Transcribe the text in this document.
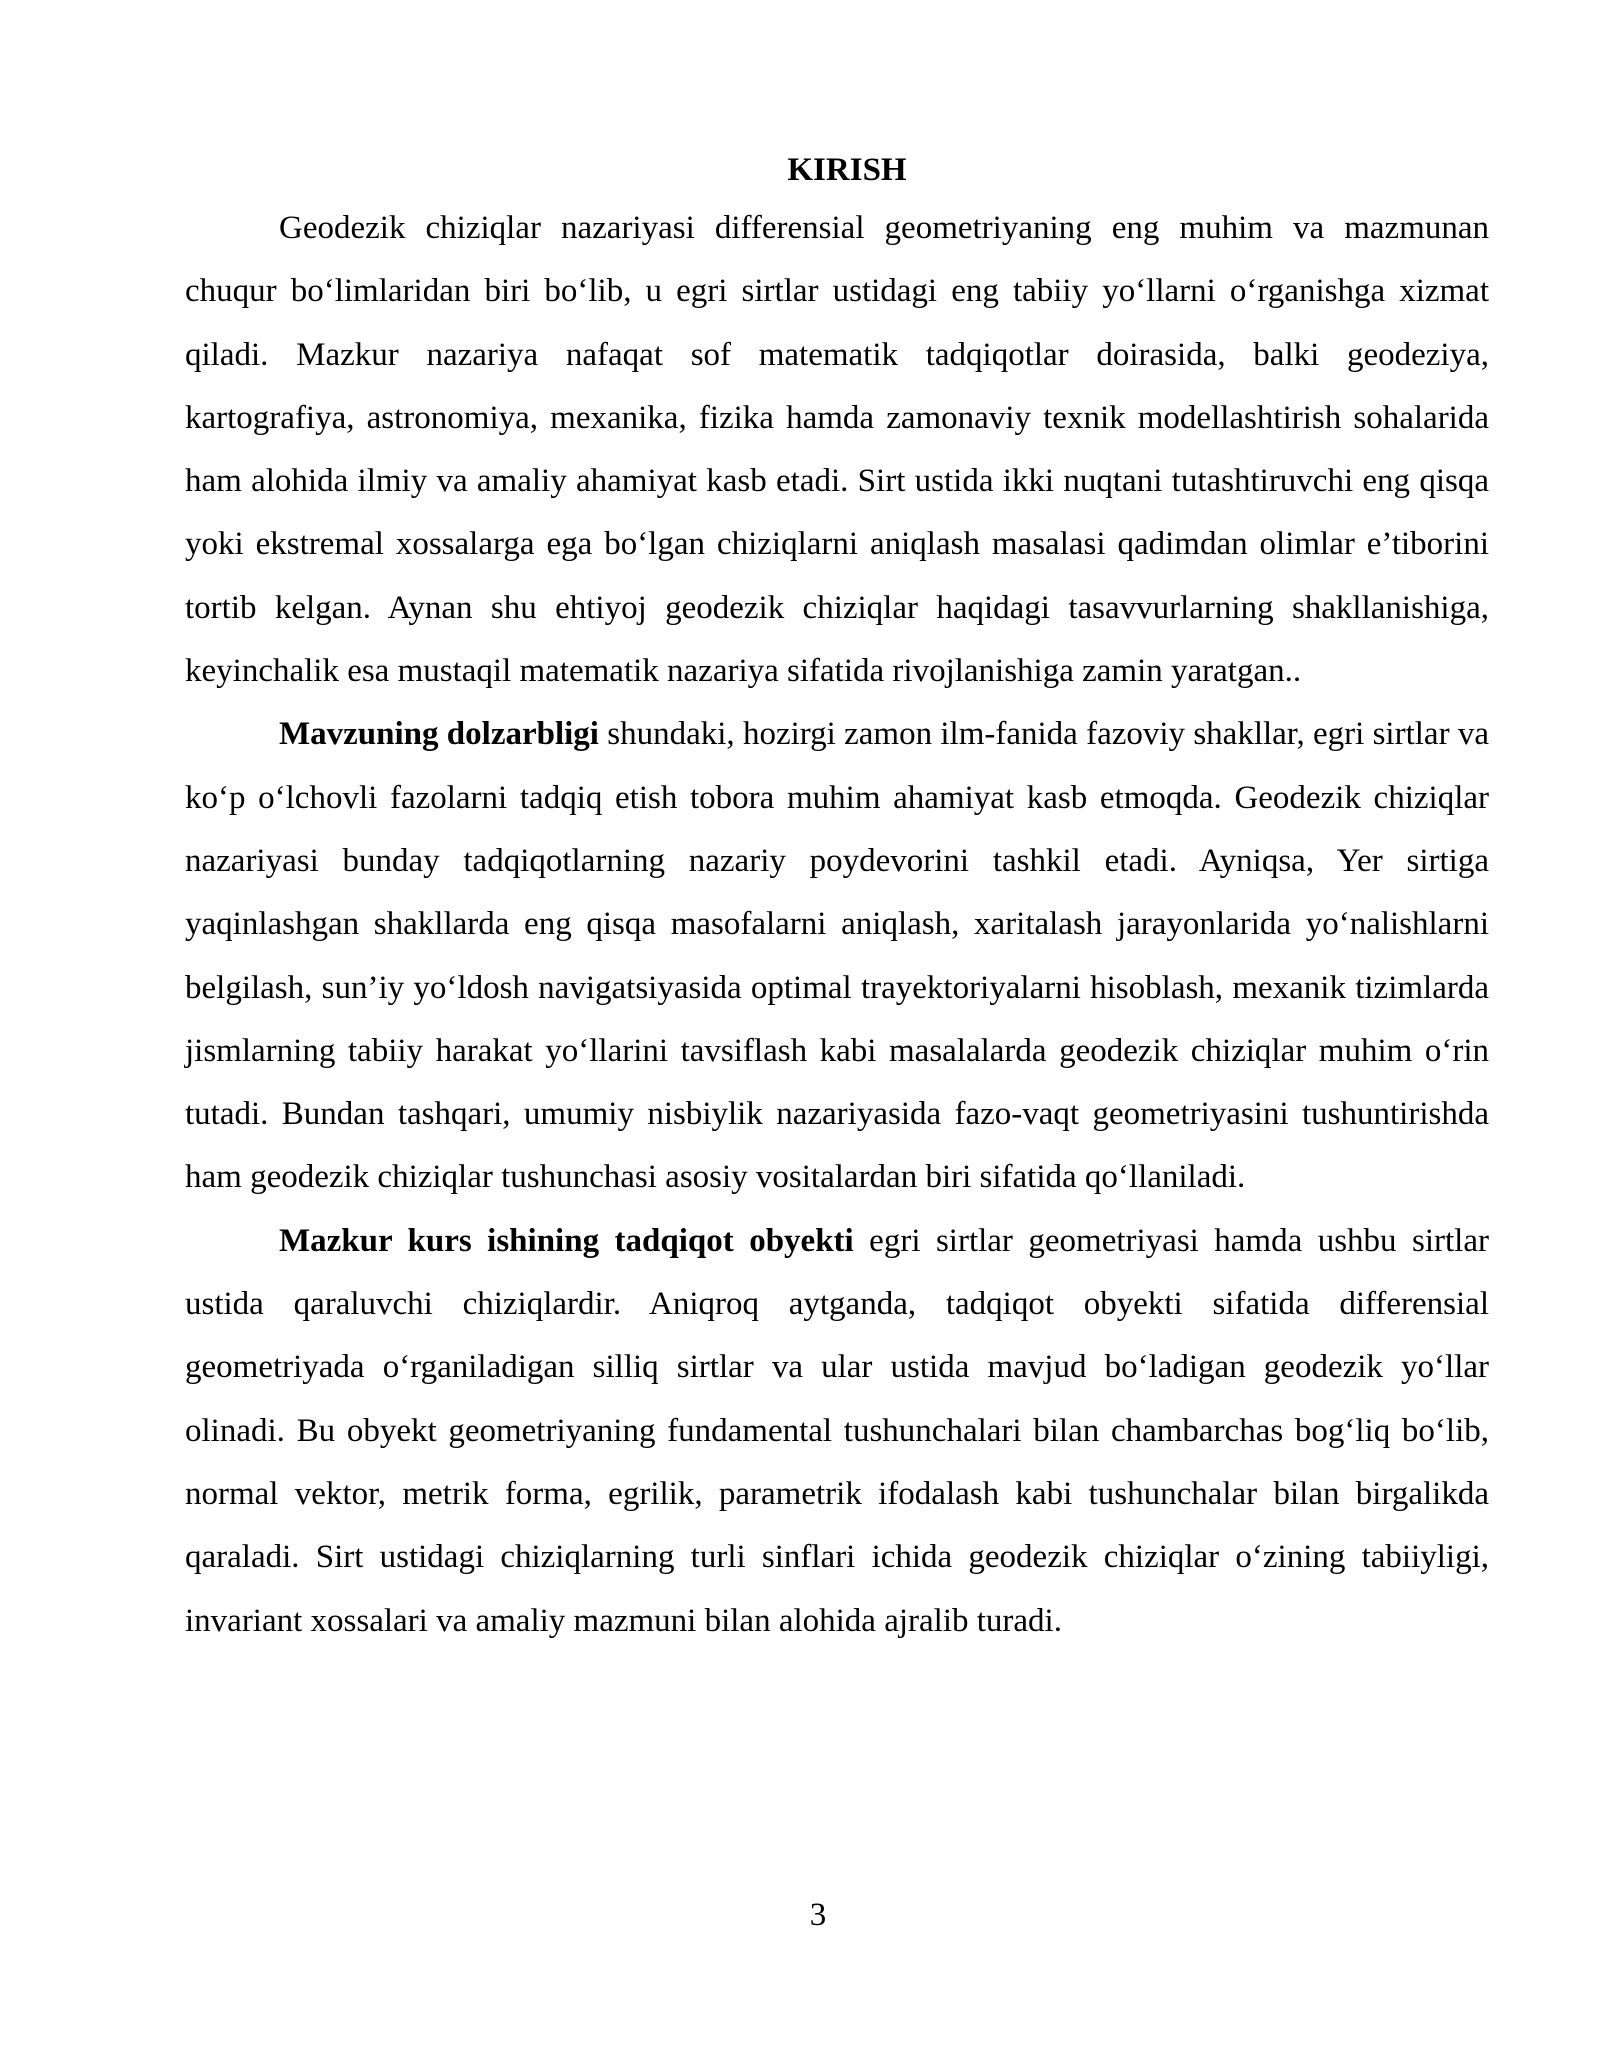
KIRISH

Geodezik chiziqlar nazariyasi differensial geometriyaning eng muhim va mazmunan chuqur bo‘limlaridan biri bo‘lib, u egri sirtlar ustidagi eng tabiiy yo‘llarni o‘rganishga xizmat qiladi. Mazkur nazariya nafaqat sof matematik tadqiqotlar doirasida, balki geodeziya, kartografiya, astronomiya, mexanika, fizika hamda zamonaviy texnik modellashtirish sohalarida ham alohida ilmiy va amaliy ahamiyat kasb etadi. Sirt ustida ikki nuqtani tutashtiruvchi eng qisqa yoki ekstremal xossalarga ega bo‘lgan chiziqlarni aniqlash masalasi qadimdan olimlar e’tiborini tortib kelgan. Aynan shu ehtiyoj geodezik chiziqlar haqidagi tasavvurlarning shakllanishiga, keyinchalik esa mustaqil matematik nazariya sifatida rivojlanishiga zamin yaratgan..

Mavzuning dolzarbligi shundaki, hozirgi zamon ilm-fanida fazoviy shakllar, egri sirtlar va ko‘p o‘lchovli fazolarni tadqiq etish tobora muhim ahamiyat kasb etmoqda. Geodezik chiziqlar nazariyasi bunday tadqiqotlarning nazariy poydevorini tashkil etadi. Ayniqsa, Yer sirtiga yaqinlashgan shakllarda eng qisqa masofalarni aniqlash, xaritalash jarayonlarida yo‘nalishlarni belgilash, sun’iy yo‘ldosh navigatsiyasida optimal trayektoriyalarni hisoblash, mexanik tizimlarda jismlarning tabiiy harakat yo‘llarini tavsiflash kabi masalalarda geodezik chiziqlar muhim o‘rin tutadi. Bundan tashqari, umumiy nisbiylik nazariyasida fazo-vaqt geometriyasini tushuntirishda ham geodezik chiziqlar tushunchasi asosiy vositalardan biri sifatida qo‘llaniladi.

Mazkur kurs ishining tadqiqot obyekti egri sirtlar geometriyasi hamda ushbu sirtlar ustida qaraluvchi chiziqlardir. Aniqroq aytganda, tadqiqot obyekti sifatida differensial geometriyada o‘rganiladigan silliq sirtlar va ular ustida mavjud bo‘ladigan geodezik yo‘llar olinadi. Bu obyekt geometriyaning fundamental tushunchalari bilan chambarchas bog‘liq bo‘lib, normal vektor, metrik forma, egrilik, parametrik ifodalash kabi tushunchalar bilan birgalikda qaraladi. Sirt ustidagi chiziqlarning turli sinflari ichida geodezik chiziqlar o‘zining tabiiyligi, invariant xossalari va amaliy mazmuni bilan alohida ajralib turadi.

3
